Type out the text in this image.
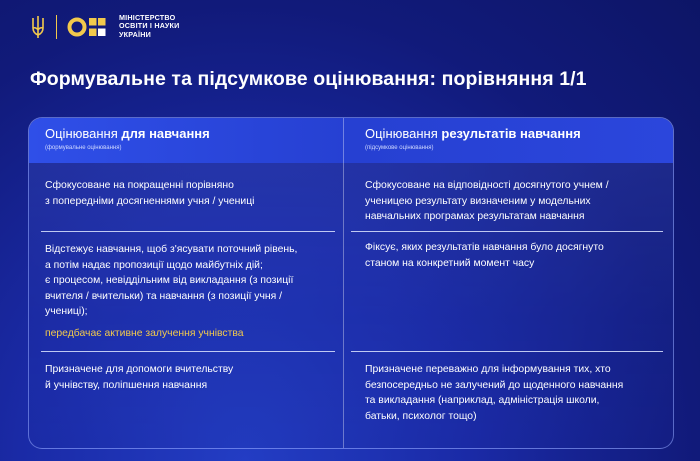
МІНІСТЕРСТВО
ОСВІТИ І НАУКИ
УКРАЇНИ
Формувальне та підсумкове оцінювання: порівняння 1/1
Оцінювання для навчання
(формувальне оцінювання)
Оцінювання результатів навчання
(підсумкове оцінювання)

Сфокусоване на покращенні порівняно

з попередніми досягненнями учня / учениці

Сфокусоване на відповідності досягнутого учнем /

ученицею результату визначеним у модельних

навчальних програмах результатам навчання

Відстежує навчання, щоб з'ясувати поточний рівень,

а потім надає пропозиції щодо майбутніх дій;

є процесом, невіддільним від викладання (з позиції

вчителя / вчительки) та навчання (з позиції учня /

учениці);

передбачає активне залучення учнівства

Фіксує, яких результатів навчання було досягнуто

станом на конкретний момент часу

Призначене для допомоги вчительству

й учнівству, поліпшення навчання

Призначене переважно для інформування тих, хто

безпосередньо не залучений до щоденного навчання

та викладання (наприклад, адміністрація школи,

батьки, психолог тощо)
